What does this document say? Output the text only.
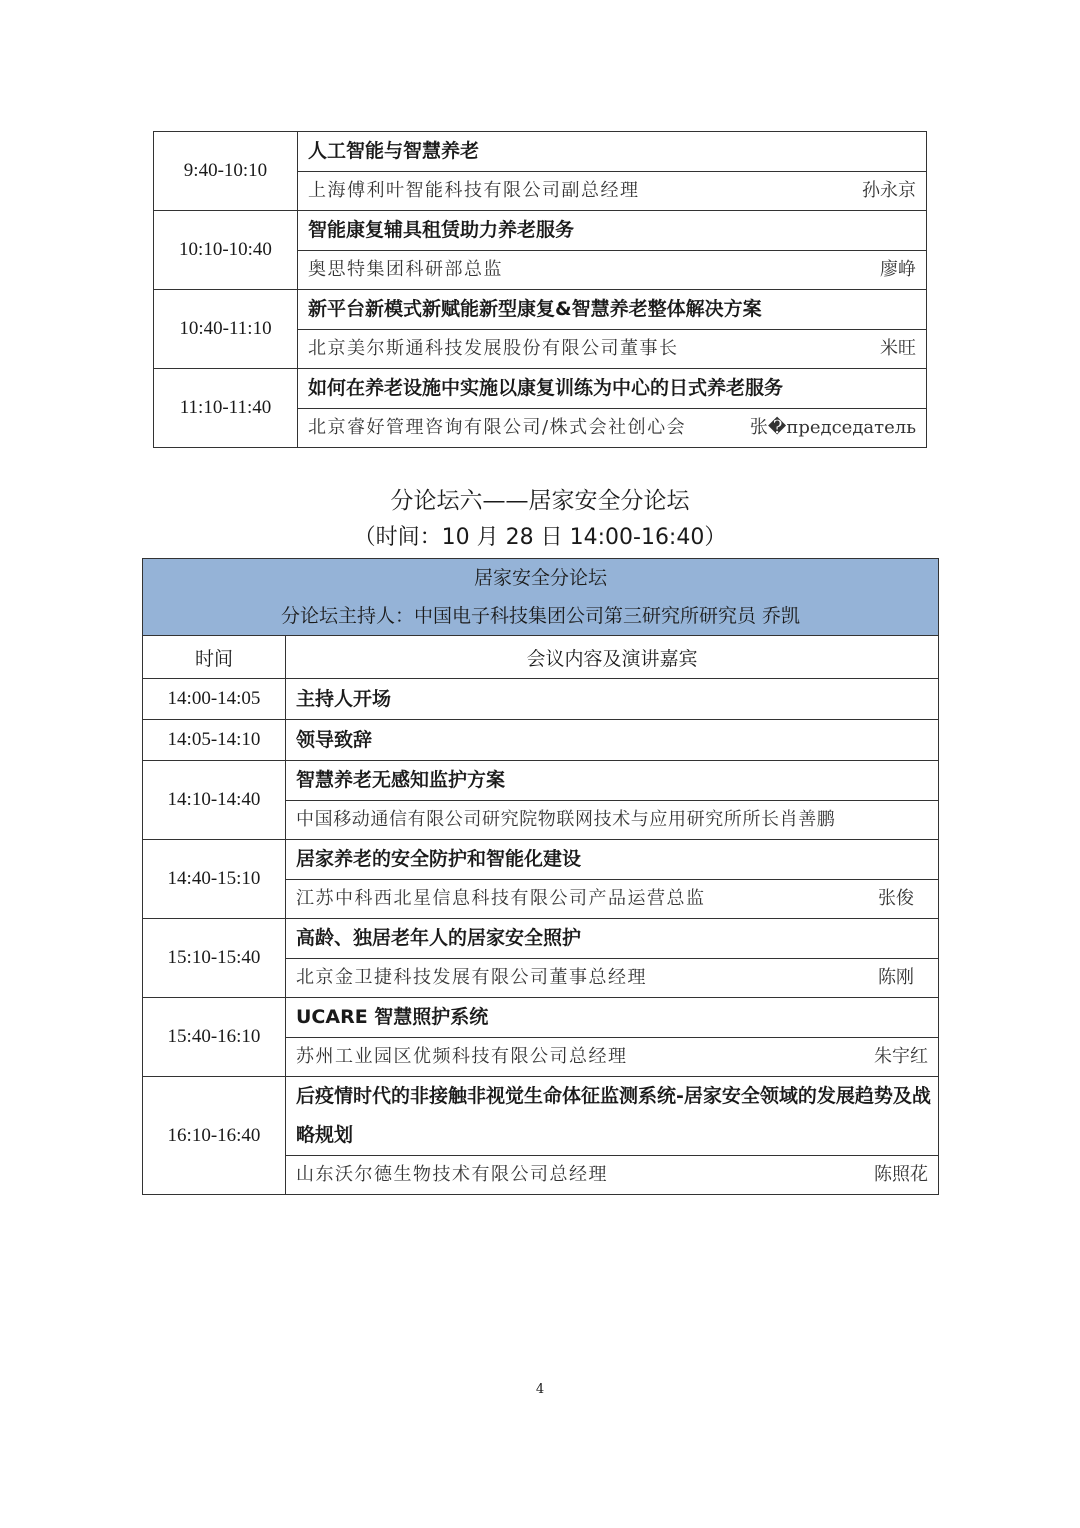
9:40-10:10	人工智能与智慧养老
	上海傅利叶智能科技有限公司副总经理 孙永京

10:10-10:40	智能康复辅具租赁助力养老服务
	奥思特集团科研部总监 廖峥

10:40-11:10	新平台新模式新赋能新型康复&智慧养老整体解决方案
	北京美尔斯通科技发展股份有限公司董事长 米旺

11:10-11:40	如何在养老设施中实施以康复训练为中心的日式养老服务
	北京睿好管理咨询有限公司/株式会社创心会 张�председатель
分论坛六——居家安全分论坛
（时间：10 月 28 日 14:00-16:40）
居家安全分论坛
分论坛主持人：中国电子科技集团公司第三研究所研究员 乔凯	

时间	会议内容及演讲嘉宾
14:00-14:05	主持人开场
14:05-14:10	领导致辞
14:10-14:40	智慧养老无感知监护方案
	中国移动通信有限公司研究院物联网技术与应用研究所所长肖善鹏
14:40-15:10	居家养老的安全防护和智能化建设
	江苏中科西北星信息科技有限公司产品运营总监 张俊

15:10-15:40	高龄、独居老年人的居家安全照护
	北京金卫捷科技发展有限公司董事总经理 陈刚

15:40-16:10	UCARE 智慧照护系统
	苏州工业园区优频科技有限公司总经理 朱宇红

16:10-16:40	后疫情时代的非接触非视觉生命体征监测系统-居家安全领域的发展趋势及战略规划
	山东沃尔德生物技术有限公司总经理 陈照花
4
